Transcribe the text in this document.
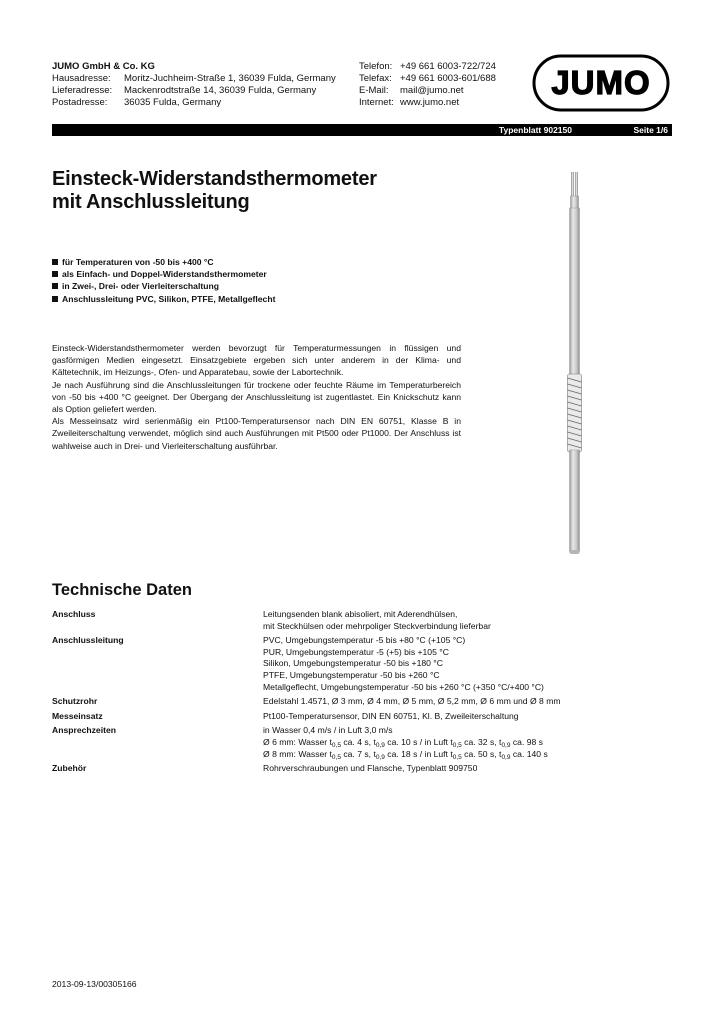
JUMO GmbH & Co. KG
Hausadresse:	Moritz-Juchheim-Straße 1, 36039 Fulda, Germany
Lieferadresse:	Mackenrodtstraße 14, 36039 Fulda, Germany
Postadresse:	36035 Fulda, Germany
Telefon: +49 661 6003-722/724
Telefax: +49 661 6003-601/688
E-Mail:	mail@jumo.net
Internet: www.jumo.net
JUMO
Typenblatt 902150	Seite 1/6
Einsteck-Widerstandsthermometer
mit Anschlussleitung
für Temperaturen von -50 bis +400 °C
als Einfach- und Doppel-Widerstandsthermometer
in Zwei-, Drei- oder Vierleiterschaltung
Anschlussleitung PVC, Silikon, PTFE, Metallgeflecht

Einsteck-Widerstandsthermometer werden bevorzugt für Temperaturmessungen in flüssigen und gasförmigen Medien eingesetzt. Einsatzgebiete ergeben sich unter anderem in der Klima- und Kältetechnik, im Heizungs-, Ofen- und Apparatebau, sowie der Labortechnik.

Je nach Ausführung sind die Anschlussleitungen für trockene oder feuchte Räume im Temperaturbereich von -50 bis +400 °C geeignet. Der Übergang der Anschlussleitung ist zugentlastet. Ein Knickschutz kann als Option geliefert werden.

Als Messeinsatz wird serienmäßig ein Pt100-Temperatursensor nach DIN EN 60751, Klasse B in Zweileiterschaltung verwendet, möglich sind auch Ausführungen mit Pt500 oder Pt1000. Der Anschluss ist wahlweise auch in Drei- und Vierleiterschaltung ausführbar.

Technische Daten
Anschluss	Leitungsenden blank abisoliert, mit Aderendhülsen,
mit Steckhülsen oder mehrpoliger Steckverbindung lieferbar
Anschlussleitung	PVC, Umgebungstemperatur -5 bis +80 °C (+105 °C)
PUR, Umgebungstemperatur -5 (+5) bis +105 °C
Silikon, Umgebungstemperatur -50 bis +180 °C
PTFE, Umgebungstemperatur -50 bis +260 °C
Metallgeflecht, Umgebungstemperatur -50 bis +260 °C (+350 °C/+400 °C)
Schutzrohr	Edelstahl 1.4571, Ø 3 mm, Ø 4 mm, Ø 5 mm, Ø 5,2 mm, Ø 6 mm und Ø 8 mm
Messeinsatz	Pt100-Temperatursensor, DIN EN 60751, Kl. B, Zweileiterschaltung
Ansprechzeiten	in Wasser 0,4 m/s / in Luft 3,0 m/s
Ø 6 mm: Wasser $t_{0,5}$ ca. 4 s, $t_{0,9}$ ca. 10 s / in Luft $t_{0,5}$ ca. 32 s, $t_{0,9}$ ca. 98 s
Ø 8 mm: Wasser $t_{0,5}$ ca. 7 s, $t_{0,9}$ ca. 18 s / in Luft $t_{0,5}$ ca. 50 s, $t_{0,9}$ ca. 140 s
Zubehör	Rohrverschraubungen und Flansche, Typenblatt 909750
2013-09-13/00305166
